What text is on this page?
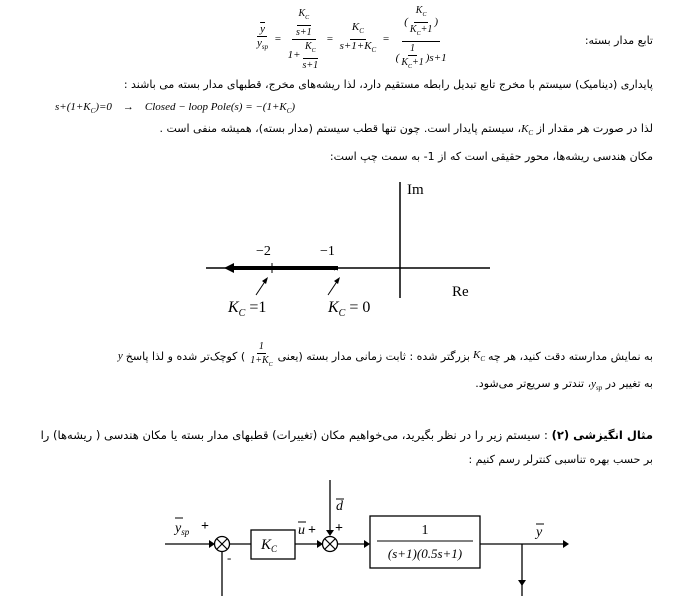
تابع مدار بسته:
$\frac{\overline{y}}{\overline{y}_{sp}} = \frac{\frac{K_C}{s+1}}{1+ \frac{K_C}{s+1}} = \frac{K_C}{s+1+K_C} = \frac{( \frac{K_C}{K_C+1} )}{( \frac{1}{K_C+1} )s+1}$
پایداری (دینامیک) سیستم با مخرج تابع تبدیل رابطه مستقیم دارد، لذا ریشه‌های مخرج، قطبهای مدار بسته می باشند :
$s+(1+K_C)=0$ → Closed − loop Pole(s) = $-(1+K_C)$
لذا در صورت هر مقدار از $K_C،$ سیستم پایدار است. چون تنها قطب سیستم (مدار بسته)، همیشه منفی است .
مکان هندسی ریشه‌ها، محور حقیقی است که از 1- به سمت چپ است:
×
−2	−1
Im
Re
$K_C =1$	$K_C = 0$
به نمایش مدارسته دقت کنید، هر چه
$K_C$
بزرگتر شده : ثابت زمانی مدار بسته (یعنی
$\frac{1}{1+K_C}$
) کوچک‌تر شده و لذا پاسخ
y
به تغییر در $y_{sp}،$ تندتر و سریع‌تر می‌شود.
مثال انگیزشی (۲) : سیستم زیر را در نظر بگیرید، می‌خواهیم مکان (تغییرات) قطبهای مدار بسته یا مکان هندسی ( ریشه‌ها) را
بر حسب بهره تناسبی کنترلر رسم کنیم :
$y_{sp}$ +
-
$K_C$
u +
d
+	1
(s+1)(0.5s+1)
y
